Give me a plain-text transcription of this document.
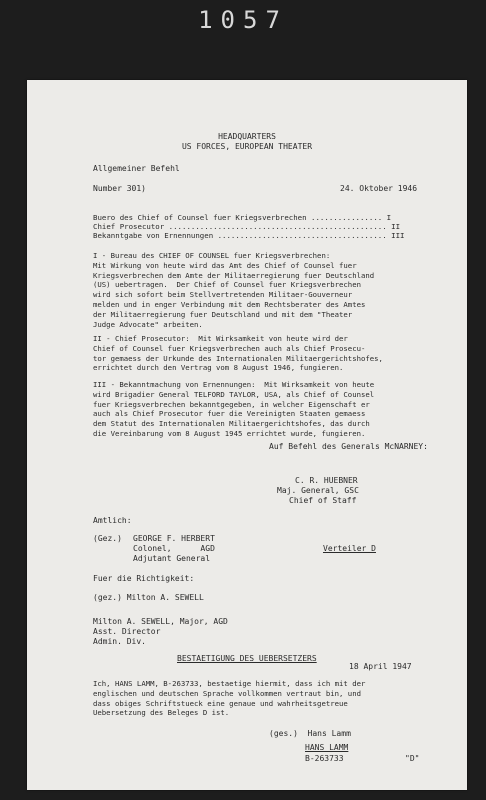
1057
HEADQUARTERS
US FORCES, EUROPEAN THEATER
Allgemeiner Befehl
Number 301)	24. Oktober 1946
Buero des Chief of Counsel fuer Kriegsverbrechen ................ I
Chief Prosecutor ................................................. II
Bekanntgabe von Ernennungen ...................................... III
I - Bureau des CHIEF OF COUNSEL fuer Kriegsverbrechen:
Mit Wirkung von heute wird das Amt des Chief of Counsel fuer
Kriegsverbrechen dem Amte der Militaerregierung fuer Deutschland
(US) uebertragen.  Der Chief of Counsel fuer Kriegsverbrechen
wird sich sofort beim Stellvertretenden Militaer-Gouverneur
melden und in enger Verbindung mit dem Rechtsberater des Amtes
der Militaerregierung fuer Deutschland und mit dem "Theater
Judge Advocate" arbeiten.
II - Chief Prosecutor:  Mit Wirksamkeit von heute wird der
Chief of Counsel fuer Kriegsverbrechen auch als Chief Prosecu-
tor gemaess der Urkunde des Internationalen Militaergerichtshofes,
errichtet durch den Vertrag vom 8 August 1946, fungieren.
III - Bekanntmachung von Ernennungen:  Mit Wirksamkeit von heute
wird Brigadier General TELFORD TAYLOR, USA, als Chief of Counsel
fuer Kriegsverbrechen bekanntgegeben, in welcher Eigenschaft er
auch als Chief Prosecutor fuer die Vereinigten Staaten gemaess
dem Statut des Internationalen Militaergerichtshofes, das durch
die Vereinbarung vom 8 August 1945 errichtet wurde, fungieren.
Auf Befehl des Generals McNARNEY:
C. R. HUEBNER
Maj. General, GSC
Chief of Staff
Amtlich:
(Gez.) GEORGE F. HERBERT
Colonel,      AGD
Adjutant General
Verteiler D
Fuer die Richtigkeit:
(gez.) Milton A. SEWELL
Milton A. SEWELL, Major, AGD
Asst. Director
Admin. Div.
BESTAETIGUNG DES UEBERSETZERS
18 April 1947
Ich, HANS LAMM, B-263733, bestaetige hiermit, dass ich mit der
englischen und deutschen Sprache vollkommen vertraut bin, und
dass obiges Schriftstueck eine genaue und wahrheitsgetreue
Uebersetzung des Beleges D ist.
(ges.)  Hans Lamm
HANS LAMM
B-263733	"D"
